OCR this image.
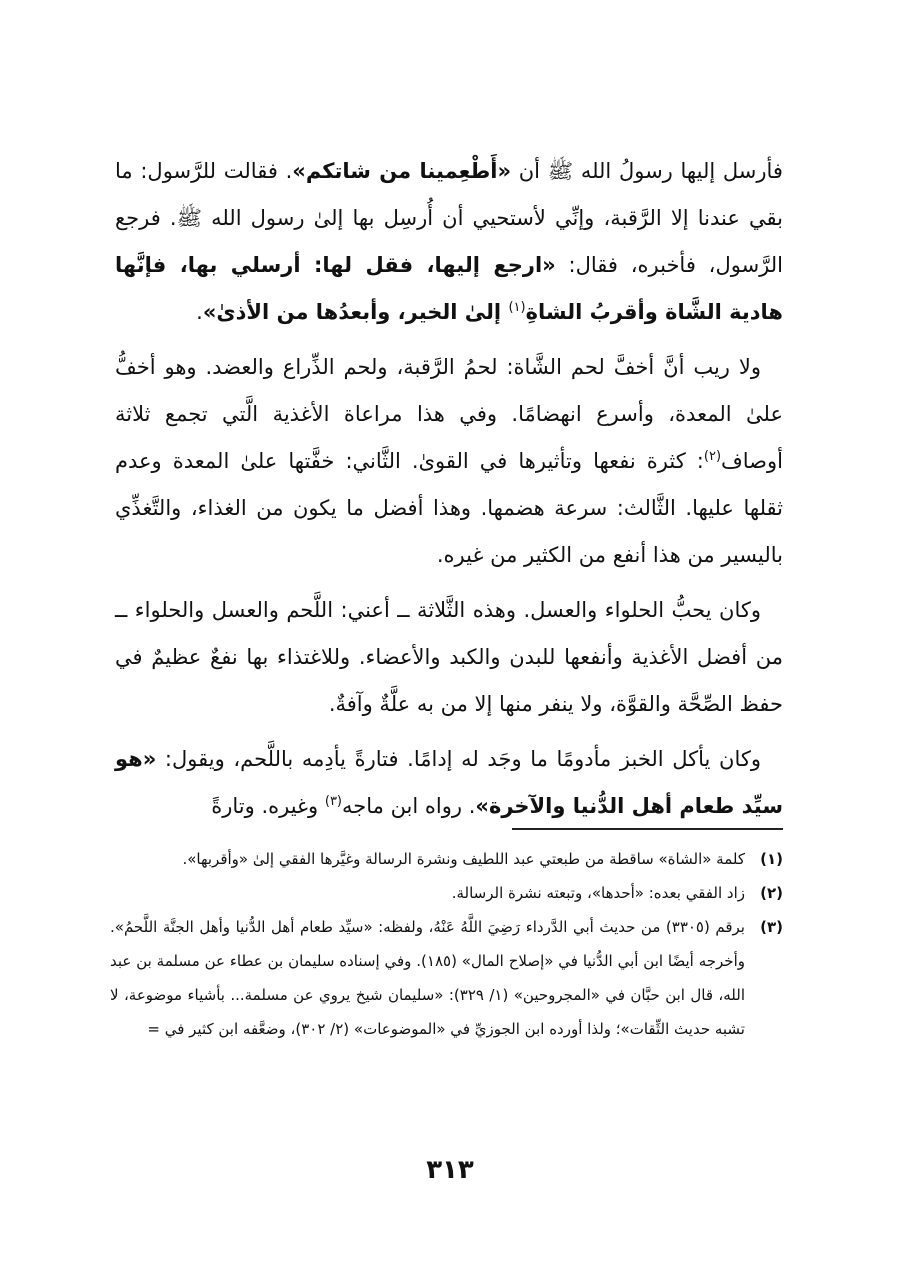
فأرسل إليها رسولُ الله ﷺ أن «أَطْعِمينا من شاتكم». فقالت للرَّسول: ما بقي عندنا إلا الرَّقبة، وإنِّي لأستحيي أن أُرسِل بها إلىٰ رسول الله ﷺ. فرجع الرَّسول، فأخبره، فقال: «ارجع إليها، فقل لها: أرسلي بها، فإنَّها هادية الشَّاة وأقربُ الشاةِ$^{(١)}$ إلىٰ الخير، وأبعدُها من الأذىٰ».

ولا ريب أنَّ أخفَّ لحم الشَّاة: لحمُ الرَّقبة، ولحم الذِّراع والعضد. وهو أخفُّ علىٰ المعدة، وأسرع انهضامًا. وفي هذا مراعاة الأغذية الَّتي تجمع ثلاثة أوصاف$^{(٢)}$: كثرة نفعها وتأثيرها في القوىٰ. الثَّاني: خفَّتها علىٰ المعدة وعدم ثقلها عليها. الثَّالث: سرعة هضمها. وهذا أفضل ما يكون من الغذاء، والتَّغذِّي باليسير من هذا أنفع من الكثير من غيره.

وكان يحبُّ الحلواء والعسل. وهذه الثَّلاثة ــ أعني: اللَّحم والعسل والحلواء ــ من أفضل الأغذية وأنفعها للبدن والكبد والأعضاء. وللاغتذاء بها نفعٌ عظيمٌ في حفظ الصِّحَّة والقوَّة، ولا ينفر منها إلا من به علَّةٌ وآفةٌ.

وكان يأكل الخبز مأدومًا ما وجَد له إدامًا. فتارةً يأدِمه باللَّحم، ويقول: «هو سيِّد طعام أهل الدُّنيا والآخرة». رواه ابن ماجه$^{(٣)}$ وغيره. وتارةً

(١)
كلمة «الشاة» ساقطة من طبعتي عبد اللطيف ونشرة الرسالة وغيَّرها الفقي إلىٰ «وأقربها».
(٢)
زاد الفقي بعده: «أحدها»، وتبعته نشرة الرسالة.
(٣)
برقم (٣٣٠٥) من حديث أبي الدَّرداء رَضِيَ اللَّهُ عَنْهُ، ولفظه: «سيِّد طعام أهل الدُّنيا وأهل الجنَّة اللَّحمُ». وأخرجه أيضًا ابن أبي الدُّنيا في «إصلاح المال» (١٨٥). وفي إسناده سليمان بن عطاء عن مسلمة بن عبد الله، قال ابن حبَّان في «المجروحين» (١/ ٣٢٩): «سليمان شيخ يروي عن مسلمة... بأشياء موضوعة، لا تشبه حديث الثِّقات»؛ ولذا أورده ابن الجوزيِّ في «الموضوعات» (٢/ ٣٠٢)، وضعَّفه ابن كثير في =
٣١٣
